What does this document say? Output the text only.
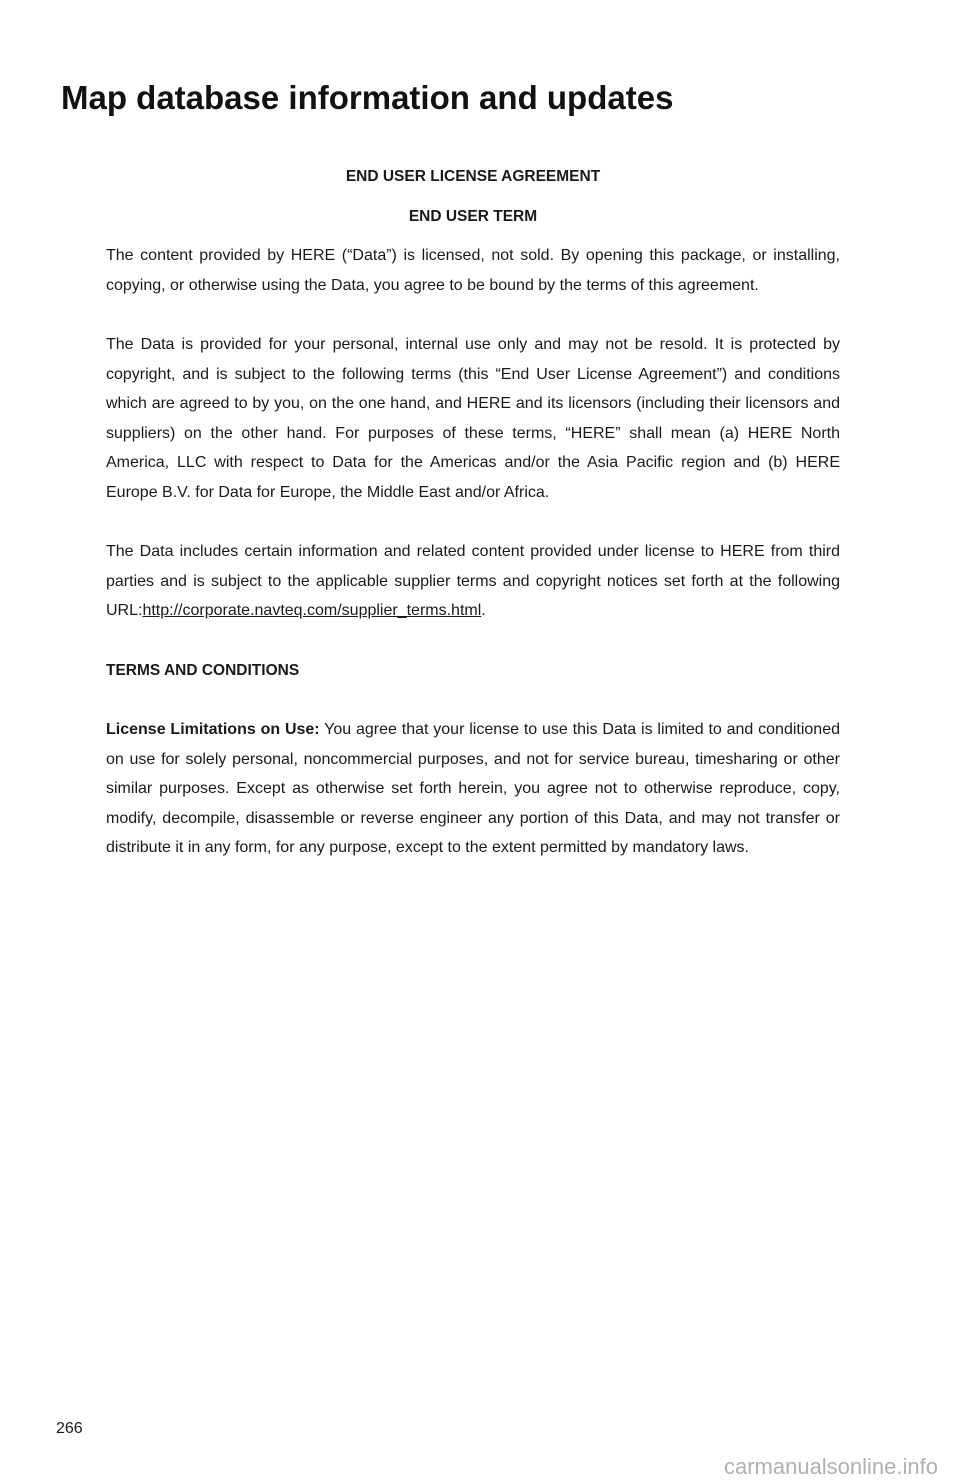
Map database information and updates

END USER LICENSE AGREEMENT

END USER TERM

The content provided by HERE (“Data”) is licensed, not sold. By opening this package, or installing, copying, or otherwise using the Data, you agree to be bound by the terms of this agreement.

The Data is provided for your personal, internal use only and may not be resold. It is protected by copyright, and is subject to the following terms (this “End User License Agreement”) and conditions which are agreed to by you, on the one hand, and HERE and its licensors (including their licensors and suppliers) on the other hand. For purposes of these terms, “HERE” shall mean (a) HERE North America, LLC with respect to Data for the Americas and/or the Asia Pacific region and (b) HERE Europe B.V. for Data for Europe, the Middle East and/or Africa.

The Data includes certain information and related content provided under license to HERE from third parties and is subject to the applicable supplier terms and copyright notices set forth at the following URL:http://corporate.navteq.com/supplier_terms.html.

TERMS AND CONDITIONS

License Limitations on Use: You agree that your license to use this Data is limited to and conditioned on use for solely personal, noncommercial purposes, and not for service bureau, timesharing or other similar purposes. Except as otherwise set forth herein, you agree not to otherwise reproduce, copy, modify, decompile, disassemble or reverse engineer any portion of this Data, and may not transfer or distribute it in any form, for any purpose, except to the extent permitted by mandatory laws.

266
carmanualsonline.info
